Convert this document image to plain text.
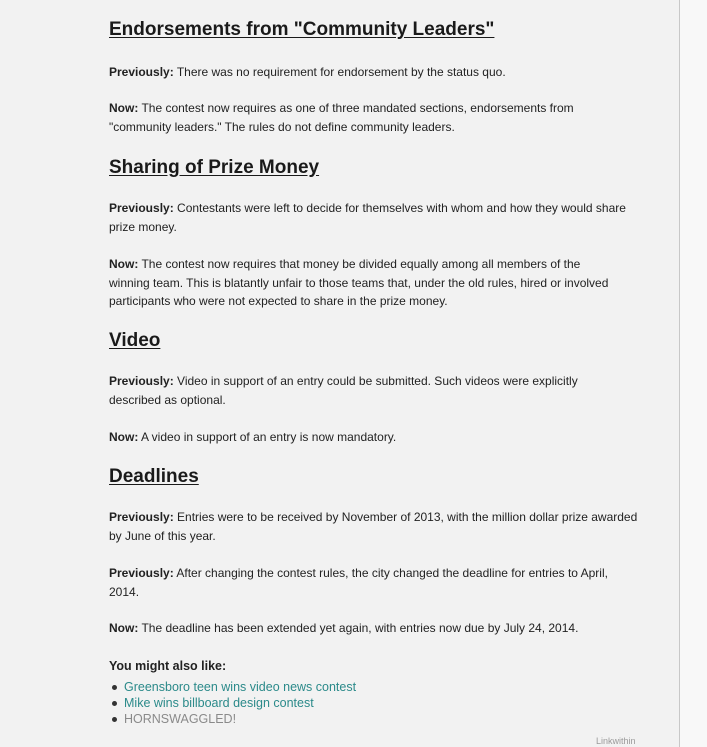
Endorsements from "Community Leaders"

Previously: There was no requirement for endorsement by the status quo.

Now: The contest now requires as one of three mandated sections, endorsements from "community leaders." The rules do not define community leaders.

Sharing of Prize Money

Previously: Contestants were left to decide for themselves with whom and how they would share prize money.

Now: The contest now requires that money be divided equally among all members of the winning team. This is blatantly unfair to those teams that, under the old rules, hired or involved participants who were not expected to share in the prize money.

Video

Previously: Video in support of an entry could be submitted. Such videos were explicitly described as optional.

Now: A video in support of an entry is now mandatory.

Deadlines

Previously: Entries were to be received by November of 2013, with the million dollar prize awarded by June of this year.

Previously: After changing the contest rules, the city changed the deadline for entries to April, 2014.

Now: The deadline has been extended yet again, with entries now due by July 24, 2014.

You might also like:
Greensboro teen wins video news contest
Mike wins billboard design contest
HORNSWAGGLED!
Linkwithin
